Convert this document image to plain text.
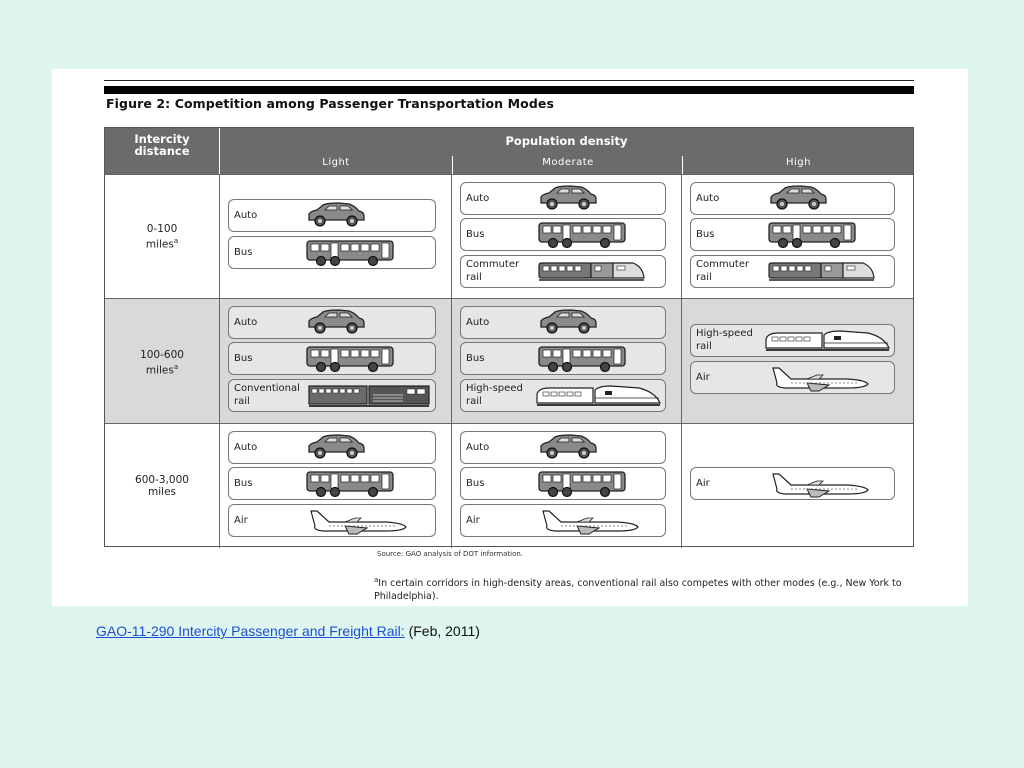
Figure 2: Competition among Passenger Transportation Modes
Intercity distance
Population density
Light	Moderate	High
0-100
miles$^a$
Auto
Bus
Auto
Bus
Commuter
rail
Auto
Bus
Commuter
rail
100-600
miles$^a$
Auto
Bus
Conventional
rail
Auto
Bus
High-speed
rail
High-speed
rail
Air
600-3,000
miles
Auto
Bus
Air
Auto
Bus
Air
Air
Source: GAO analysis of DOT information.
$^a$In certain corridors in high-density areas, conventional rail also competes with other modes (e.g., New York to Philadelphia).
GAO-11-290 Intercity Passenger and Freight Rail: (Feb, 2011)
